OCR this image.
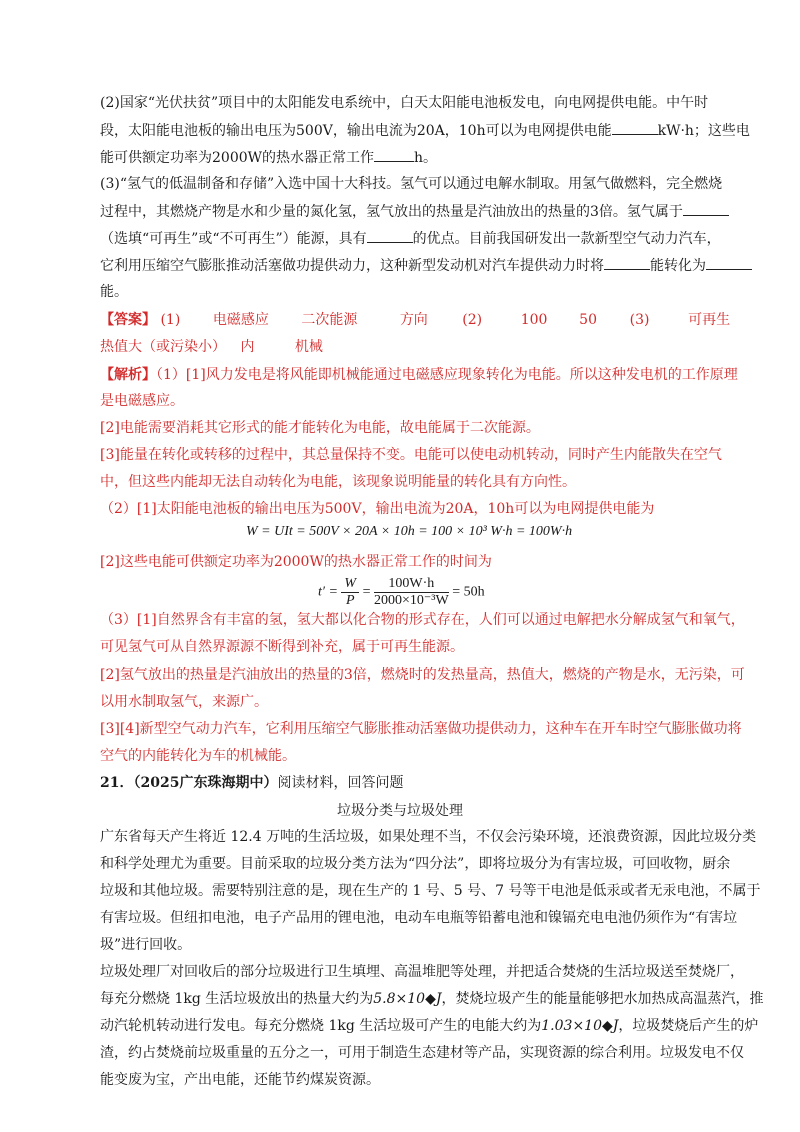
(2)国家“光伏扶贫”项目中的太阳能发电系统中，白天太阳能电池板发电，向电网提供电能。中午时
段，太阳能电池板的输出电压为500V，输出电流为20A，10h可以为电网提供电能	kW·h；这些电
能可供额定功率为2000W的热水器正常工作	h。
(3)“氢气的低温制备和存储”入选中国十大科技。氢气可以通过电解水制取。用氢气做燃料，完全燃烧
过程中，其燃烧产物是水和少量的氮化氢，氢气放出的热量是汽油放出的热量的3倍。氢气属于
（选填“可再生”或“不可再生”）能源，具有	的优点。目前我国研发出一款新型空气动力汽车，
它利用压缩空气膨胀推动活塞做功提供动力，这种新型发动机对汽车提供动力时将	能转化为
能。
【答案】 (1) 电磁感应 二次能源	方向 (2)	100 50 (3)	可再生
热值大（或污染小） 内	机械
【解析】（1）[1]风力发电是将风能即机械能通过电磁感应现象转化为电能。所以这种发电机的工作原理
是电磁感应。
[2]电能需要消耗其它形式的能才能转化为电能，故电能属于二次能源。
[3]能量在转化或转移的过程中，其总量保持不变。电能可以使电动机转动，同时产生内能散失在空气
中，但这些内能却无法自动转化为电能，该现象说明能量的转化具有方向性。
（2）[1]太阳能电池板的输出电压为500V，输出电流为20A，10h可以为电网提供电能为
W = UIt = 500V × 20A × 10h = 100 × 10³ W·h = 100W·h
[2]这些电能可供额定功率为2000W的热水器正常工作的时间为
$t' = \frac{W}{P} = \frac{100W\cdot h}{\text{2000×10⁻³W}} = 50h$
（3）[1]自然界含有丰富的氢，氢大都以化合物的形式存在，人们可以通过电解把水分解成氢气和氧气，
可见氢气可从自然界源源不断得到补充，属于可再生能源。
[2]氢气放出的热量是汽油放出的热量的3倍，燃烧时的发热量高，热值大，燃烧的产物是水，无污染，可
以用水制取氢气，来源广。
[3][4]新型空气动力汽车，它利用压缩空气膨胀推动活塞做功提供动力，这种车在开车时空气膨胀做功将
空气的内能转化为车的机械能。
21．（2025广东珠海期中）阅读材料，回答问题
垃圾分类与垃圾处理
广东省每天产生将近 12.4 万吨的生活垃圾，如果处理不当，不仅会污染环境，还浪费资源，因此垃圾分类
和科学处理尤为重要。目前采取的垃圾分类方法为“四分法”，即将垃圾分为有害垃圾，可回收物，厨余
垃圾和其他垃圾。需要特别注意的是，现在生产的 1 号、5 号、7 号等干电池是低汞或者无汞电池，不属于
有害垃圾。但纽扣电池，电子产品用的锂电池，电动车电瓶等铅蓄电池和镍镉充电电池仍须作为“有害垃
圾”进行回收。
垃圾处理厂对回收后的部分垃圾进行卫生填埋、高温堆肥等处理，并把适合焚烧的生活垃圾送至焚烧厂，
每充分燃烧 1kg 生活垃圾放出的热量大约为5.8×10◆J，焚烧垃圾产生的能量能够把水加热成高温蒸汽，推
动汽轮机转动进行发电。每充分燃烧 1kg 生活垃圾可产生的电能大约为1.03×10◆J，垃圾焚烧后产生的炉
渣，约占焚烧前垃圾重量的五分之一，可用于制造生态建材等产品，实现资源的综合利用。垃圾发电不仅
能变废为宝，产出电能，还能节约煤炭资源。
